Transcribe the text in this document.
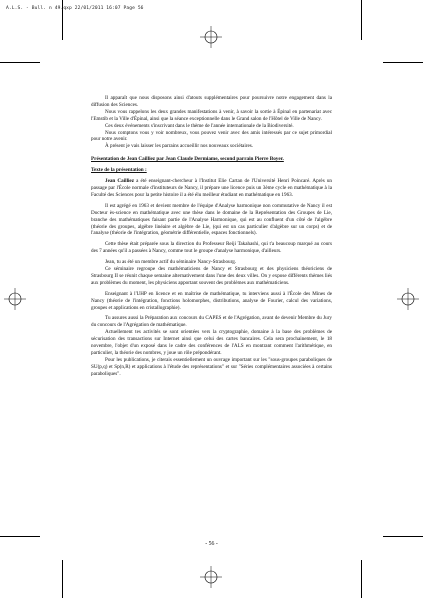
A.L.S. - Bull. n 49.qxp 22/01/2011 16:07 Page 56

Il apparaît que nous disposons ainsi d'atouts supplémentaires pour poursuivre notre engagement dans la diffusion des Sciences.

Nous vous rappelons les deux grandes manifestations à venir, à savoir la sortie à Épinal en partenariat avec l'Emstib et la Ville d'Épinal, ainsi que la séance exceptionnelle dans le Grand salon de l'Hôtel de Ville de Nancy.

Ces deux événements s'inscrivant dans le thème de l'année internationale de la Biodiversité.

Nous comptons vous y voir nombreux, vous pouvez venir avec des amis intéressés par ce sujet primordial pour notre avenir.

À présent je vais laisser les parrains accueillir nos nouveaux sociétaires.

Présentation de Jean Cailliez par Jean Claude Dermiame, second parrain Pierre Boyer.
Texte de la présentation :

Jean Cailliez a été enseignant-chercheur à l'Institut Elie Cartan de l'Université Henri Poincaré. Après un passage par l'École normale d'instituteurs de Nancy, il prépare une licence puis un 3ème cycle en mathématique à la Faculté des Sciences pour la petite histoire il a été élu meilleur étudiant en mathématique en 1963.

Il est agrégé en 1963 et devient membre de l'équipe d'Analyse harmonique non commutative de Nancy il est Docteur ès-science en mathématique avec une thèse dans le domaine de la Représentation des Groupes de Lie, branche des mathématiques faisant partie de l'Analyse Harmonique, qui est au confluent d'un côté de l'algèbre (théorie des groupes, algèbre linéaire et algèbre de Lie, (qui est un cas particulier d'algèbre sur un corps) et de l'analyse (théorie de l'intégration, géométrie différentielle, espaces fonctionnels).

Cette thèse était préparée sous la direction du Professeur Reiji Takahashi, qui t'a beaucoup marqué au cours des 7 années qu'il a passées à Nancy, comme tout le groupe d'analyse harmonique, d'ailleurs.

Jean, tu as été un membre actif du séminaire Nancy-Strasbourg.

Ce séminaire regroupe des mathématiciens de Nancy et Strasbourg et des physiciens théoriciens de Strasbourg II se réunit chaque semaine alternativement dans l'une des deux villes. On y expose différents thèmes liés aux problèmes du moment, les physiciens apportant souvent des problèmes aux mathématiciens.

Enseignant à l'UHP en licence et en maîtrise de mathématique, tu interviens aussi à l'École des Mines de Nancy (théorie de l'intégration, fonctions holomorphes, distributions, analyse de Fourier, calcul des variations, groupes et applications en cristallographie).

Tu assures aussi la Préparation aux concours du CAPES et de l'Agrégation, avant de devenir Membre du Jury du concours de l'Agrégation de mathématique.

Actuellement tes activités se sont orientées vers la cryptographie, domaine à la base des problèmes de sécurisation des transactions sur Internet ainsi que celui des cartes bancaires. Cela sera prochainement, le 18 novembre, l'objet d'un exposé dans le cadre des conférences de l'ALS en montrant comment l'arithmétique, en particulier, la théorie des nombres, y joue un rôle prépondérant.

Pour les publications, je citerais essentiellement un ouvrage important sur les "sous-groupes paraboliques de SU(p,q) et Sp(n,R) et applications à l'étude des représentations" et sur "Séries complémentaires associées à certains paraboliques".

- 56 -
